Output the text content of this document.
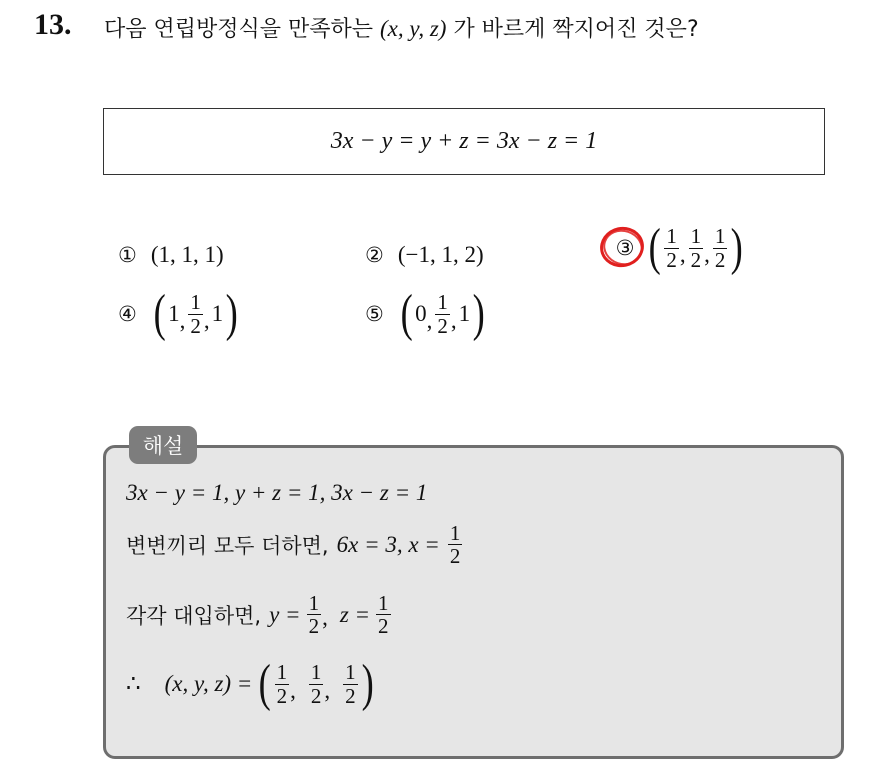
13. 다음 연립방정식을 만족하는 (x, y, z) 가 바르게 짝지어진 것은?
3x − y = y + z = 3x − z = 1
① (1, 1, 1)	② (−1, 1, 2)	③ ( $\frac{1}{2}$ , $\frac{1}{2}$ , $\frac{1}{2}$ )
④ ( 1 , $\frac{1}{2}$ , 1 )	⑤ ( 0 , $\frac{1}{2}$ , 1 )
해설
3x − y = 1, y + z = 1, 3x − z = 1
변변끼리 모두 더하면, 6x = 3, $x = \frac{1}{2}$
각각 대입하면, $y = \frac{1}{2}$ , $z = \frac{1}{2}$
∴ (x, y, z) = ( $\frac{1}{2}$ , $\frac{1}{2}$ , $\frac{1}{2}$ )
